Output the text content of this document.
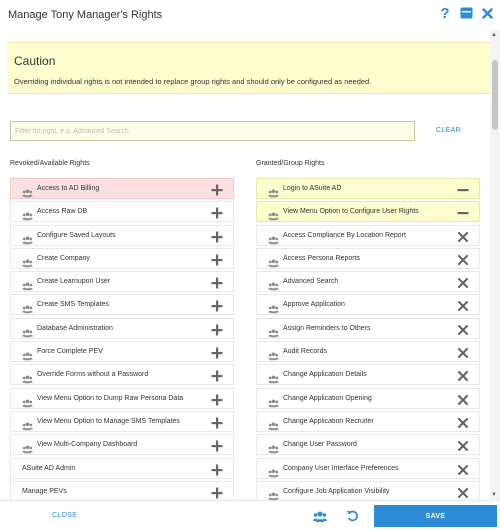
Manage Tony Manager's Rights	?
Caution
Overriding individual rights is not intended to replace group rights and should only be configured as needed.
Filter for right, e.g. Advanced Search
CLEAR
Revoked/Available Rights	Granted/Group Rights
Access to AD Billing
Access Raw DB
Configure Saved Layouts
Create Company
Create Learnupon User
Create SMS Templates
Database Administration
Force Complete PEV
Override Forms without a Password
View Menu Option to Dump Raw Persona Data
View Menu Option to Manage SMS Templates
View Multi-Company Dashboard
ASuite AD Admin
Manage PEVs
Login to ASuite AD
View Menu Option to Configure User Rights
Access Compliance By Location Report
Access Persona Reports
Advanced Search
Approve Application
Assign Reminders to Others
Audit Records
Change Application Details
Change Application Opening
Change Application Recruiter
Change User Password
Company User Interface Preferences
Configure Job Application Visibility
▲
▼
CLOSE	SAVE
